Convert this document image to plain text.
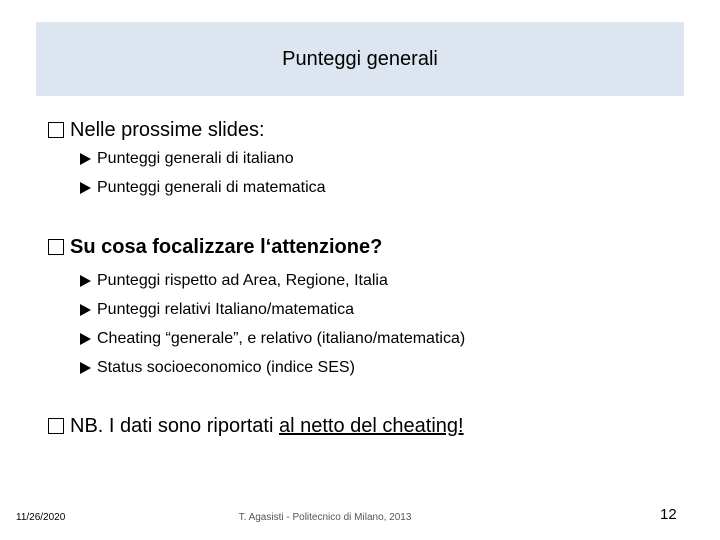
Punteggi generali
Nelle prossime slides:
Punteggi generali di italiano
Punteggi generali di matematica
Su cosa focalizzare l‘attenzione?
Punteggi rispetto ad Area, Regione, Italia
Punteggi relativi Italiano/matematica
Cheating “generale”, e relativo (italiano/matematica)
Status socioeconomico (indice SES)
NB. I dati sono riportati al netto del cheating!
11/26/2020	T. Agasisti - Politecnico di Milano, 2013	12
